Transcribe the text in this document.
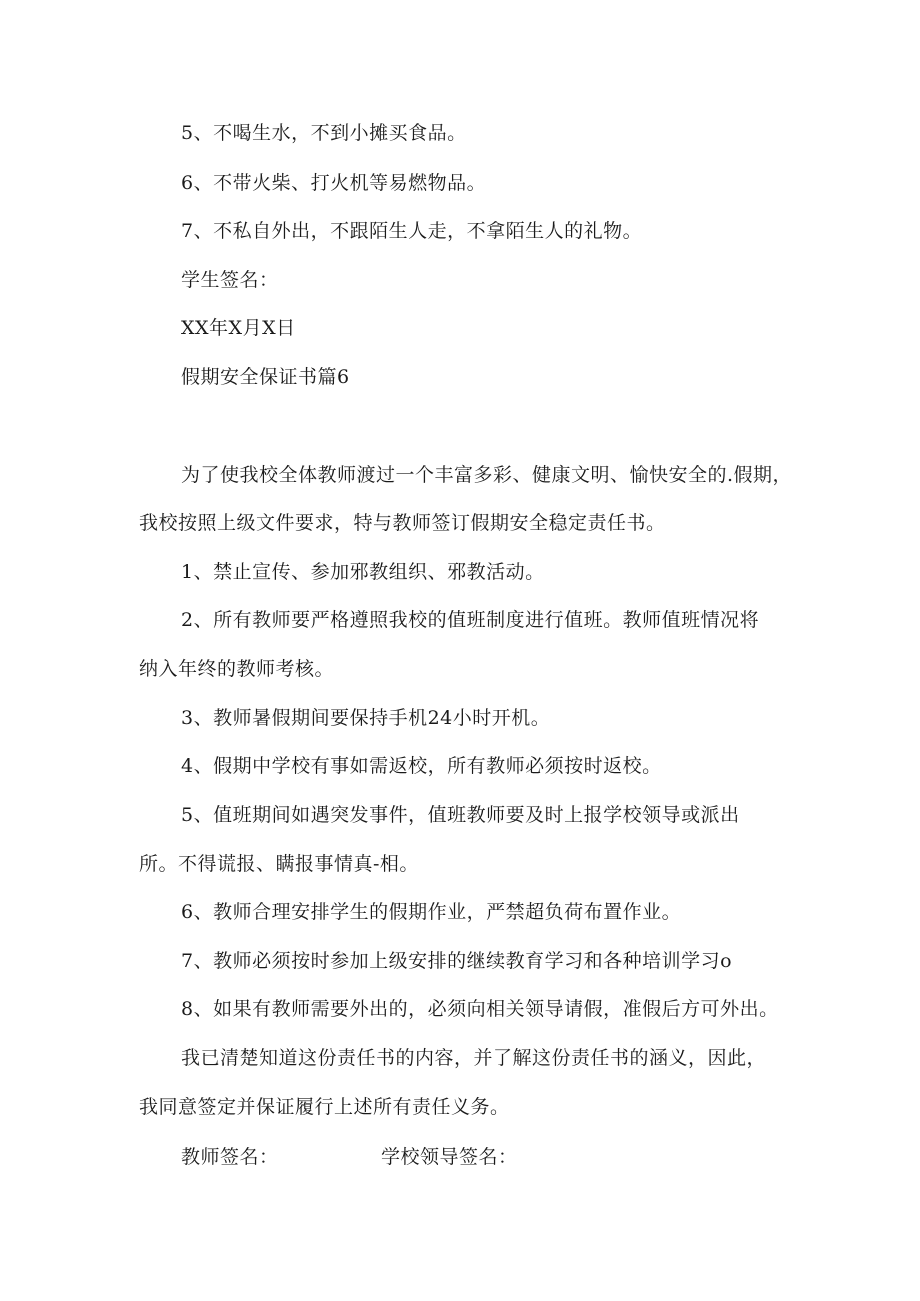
5、不喝生水，不到小摊买食品。
6、不带火柴、打火机等易燃物品。
7、不私自外出，不跟陌生人走，不拿陌生人的礼物。
学生签名：
XX年X月X日
假期安全保证书篇6
为了使我校全体教师渡过一个丰富多彩、健康文明、愉快安全的.假期，
我校按照上级文件要求，特与教师签订假期安全稳定责任书。
1、禁止宣传、参加邪教组织、邪教活动。
2、所有教师要严格遵照我校的值班制度进行值班。教师值班情况将
纳入年终的教师考核。
3、教师暑假期间要保持手机24小时开机。
4、假期中学校有事如需返校，所有教师必须按时返校。
5、值班期间如遇突发事件，值班教师要及时上报学校领导或派出
所。不得谎报、瞒报事情真-相。
6、教师合理安排学生的假期作业，严禁超负荷布置作业。
7、教师必须按时参加上级安排的继续教育学习和各种培训学习o
8、如果有教师需要外出的，必须向相关领导请假，准假后方可外出。
我已清楚知道这份责任书的内容，并了解这份责任书的涵义，因此，
我同意签定并保证履行上述所有责任义务。
教师签名：	学校领导签名：
